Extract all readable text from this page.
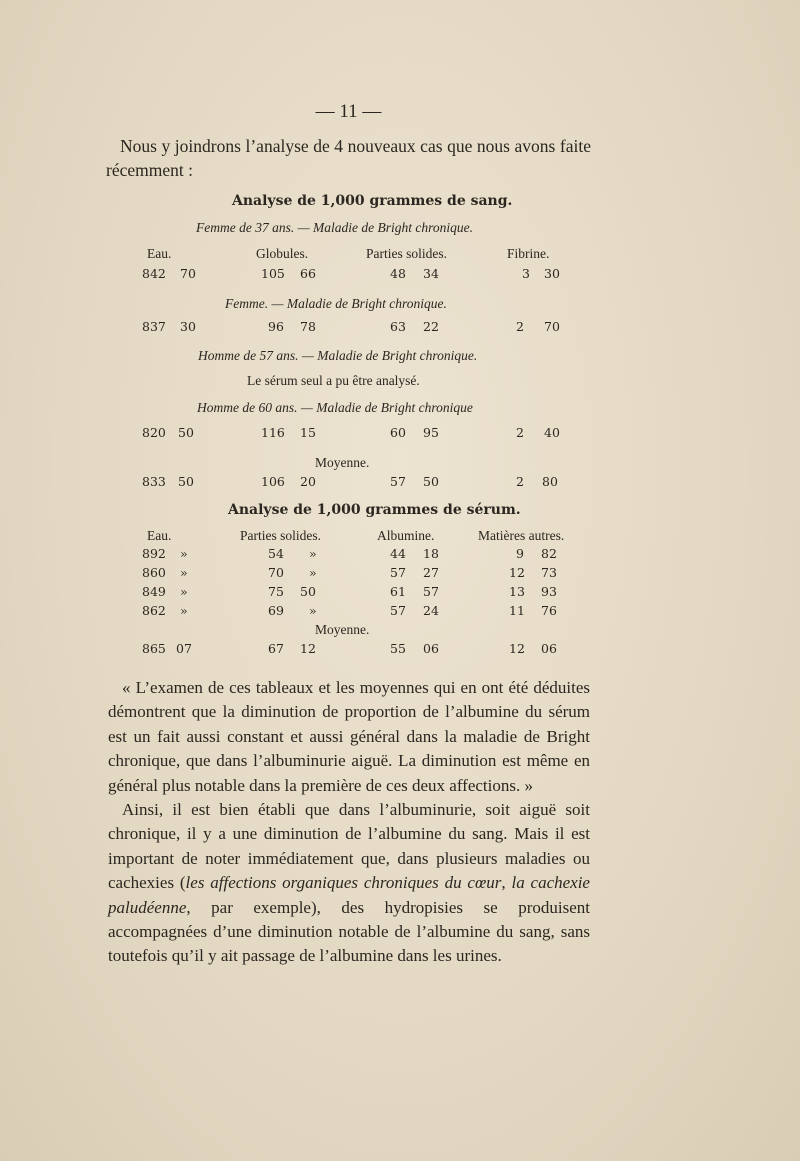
— 11 —

Nous y joindrons l’analyse de 4 nouveaux cas que nous avons faite récemment :

Analyse de 1,000 grammes de sang.
Femme de 37 ans. — Maladie de Bright chronique.
Eau.	Globules.	Parties solides.	Fibrine.
842 70	105 66	48 34	3 30
Femme. — Maladie de Bright chronique.
837 30	96 78	63 22	2 70
Homme de 57 ans. — Maladie de Bright chronique.
Le sérum seul a pu être analysé.
Homme de 60 ans. — Maladie de Bright chronique
820 50	116 15	60 95	2 40
Moyenne.
833 50	106 20	57 50	2 80
Analyse de 1,000 grammes de sérum.
Eau.	Parties solides.	Albumine.	Matières autres.
892 »	54 »	44 18	9 82
860 »	70 »	57 27	12 73
849 »	75 50	61 57	13 93
862 »	69 »	57 24	11 76
Moyenne.
865 07	67 12	55 06	12 06

« L’examen de ces tableaux et les moyennes qui en ont été déduites démontrent que la diminution de proportion de l’albumine du sérum est un fait aussi constant et aussi général dans la maladie de Bright chronique, que dans l’albuminurie aiguë. La diminution est même en général plus notable dans la première de ces deux affections. »

Ainsi, il est bien établi que dans l’albuminurie, soit aiguë soit chronique, il y a une diminution de l’albumine du sang. Mais il est important de noter immédiatement que, dans plusieurs maladies ou cachexies (les affections organiques chroniques du cœur, la cachexie paludéenne, par exemple), des hydropisies se produisent accompagnées d’une diminution notable de l’albumine du sang, sans toutefois qu’il y ait passage de l’albumine dans les urines.
